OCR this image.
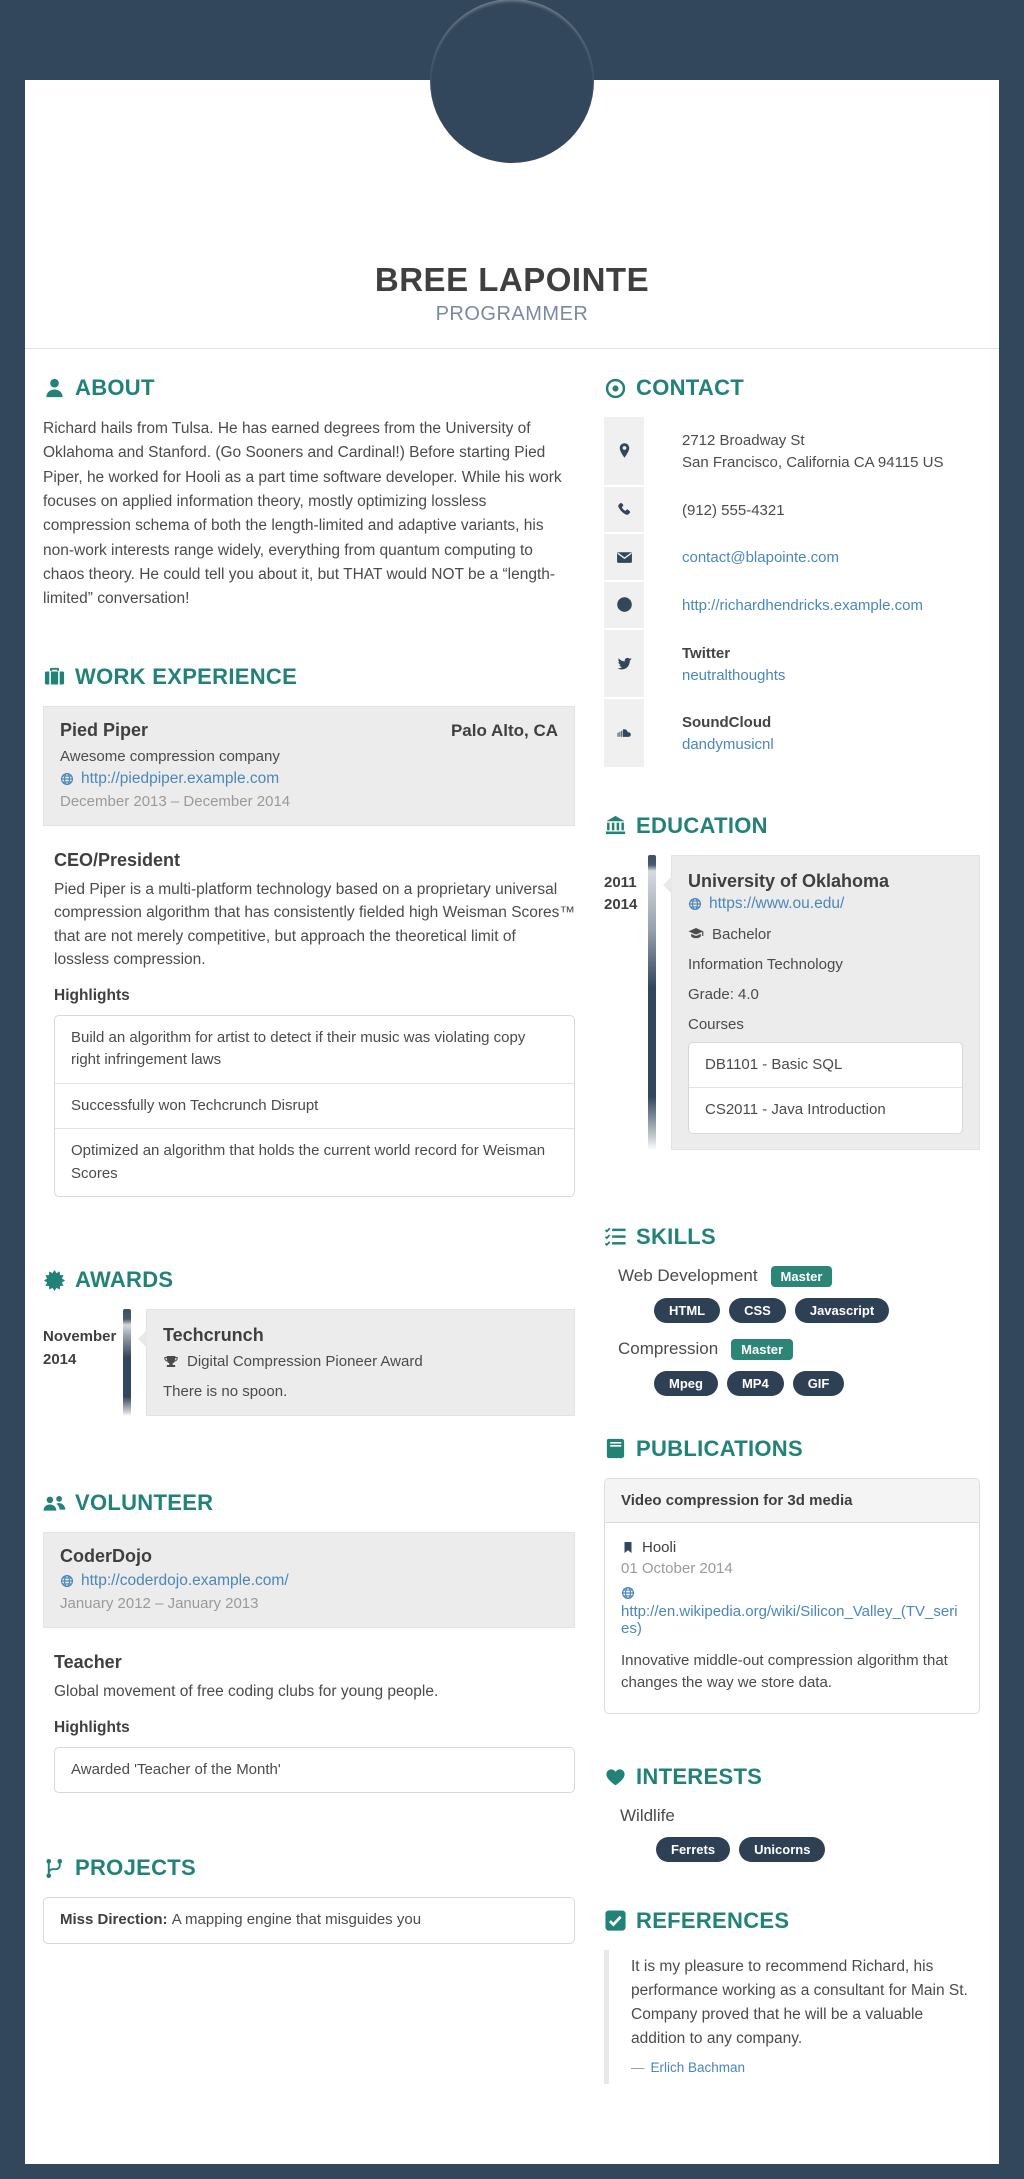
BREE LAPOINTE
PROGRAMMER
ABOUT

Richard hails from Tulsa. He has earned degrees from the University of Oklahoma and Stanford. (Go Sooners and Cardinal!) Before starting Pied Piper, he worked for Hooli as a part time software developer. While his work focuses on applied information theory, mostly optimizing lossless compression schema of both the length-limited and adaptive variants, his non-work interests range widely, everything from quantum computing to chaos theory. He could tell you about it, but THAT would NOT be a “length-limited” conversation!

WORK EXPERIENCE
Pied Piper	Palo Alto, CA
Awesome compression company
http://piedpiper.example.com
December 2013 – December 2014
CEO/President

Pied Piper is a multi-platform technology based on a proprietary universal compression algorithm that has consistently fielded high Weisman Scores™ that are not merely competitive, but approach the theoretical limit of lossless compression.

Highlights
Build an algorithm for artist to detect if their music was violating copy right infringement laws
Successfully won Techcrunch Disrupt
Optimized an algorithm that holds the current world record for Weisman Scores
AWARDS
November
2014
Techcrunch
Digital Compression Pioneer Award
There is no spoon.
VOLUNTEER
CoderDojo
http://coderdojo.example.com/
January 2012 – January 2013
Teacher

Global movement of free coding clubs for young people.

Highlights
Awarded 'Teacher of the Month'
PROJECTS
Miss Direction : A mapping engine that misguides you
CONTACT
2712 Broadway St
San Francisco, California CA 94115 US
(912) 555-4321
contact@blapointe.com
http://richardhendricks.example.com
Twitter
neutralthoughts
SoundCloud
dandymusicnl
EDUCATION
2011
2014
University of Oklahoma
https://www.ou.edu/
Bachelor
Information Technology
Grade: 4.0
Courses
DB1101 - Basic SQL
CS2011 - Java Introduction
SKILLS
Web Development	Master
HTML	CSS	Javascript
Compression	Master
Mpeg	MP4	GIF
PUBLICATIONS
Video compression for 3d media
Hooli
01 October 2014
http://en.wikipedia.org/wiki/Silicon_Valley_(TV_series)

Innovative middle-out compression algorithm that changes the way we store data.

INTERESTS
Wildlife
Ferrets	Unicorns
REFERENCES

It is my pleasure to recommend Richard, his performance working as a consultant for Main St. Company proved that he will be a valuable addition to any company.

— Erlich Bachman
